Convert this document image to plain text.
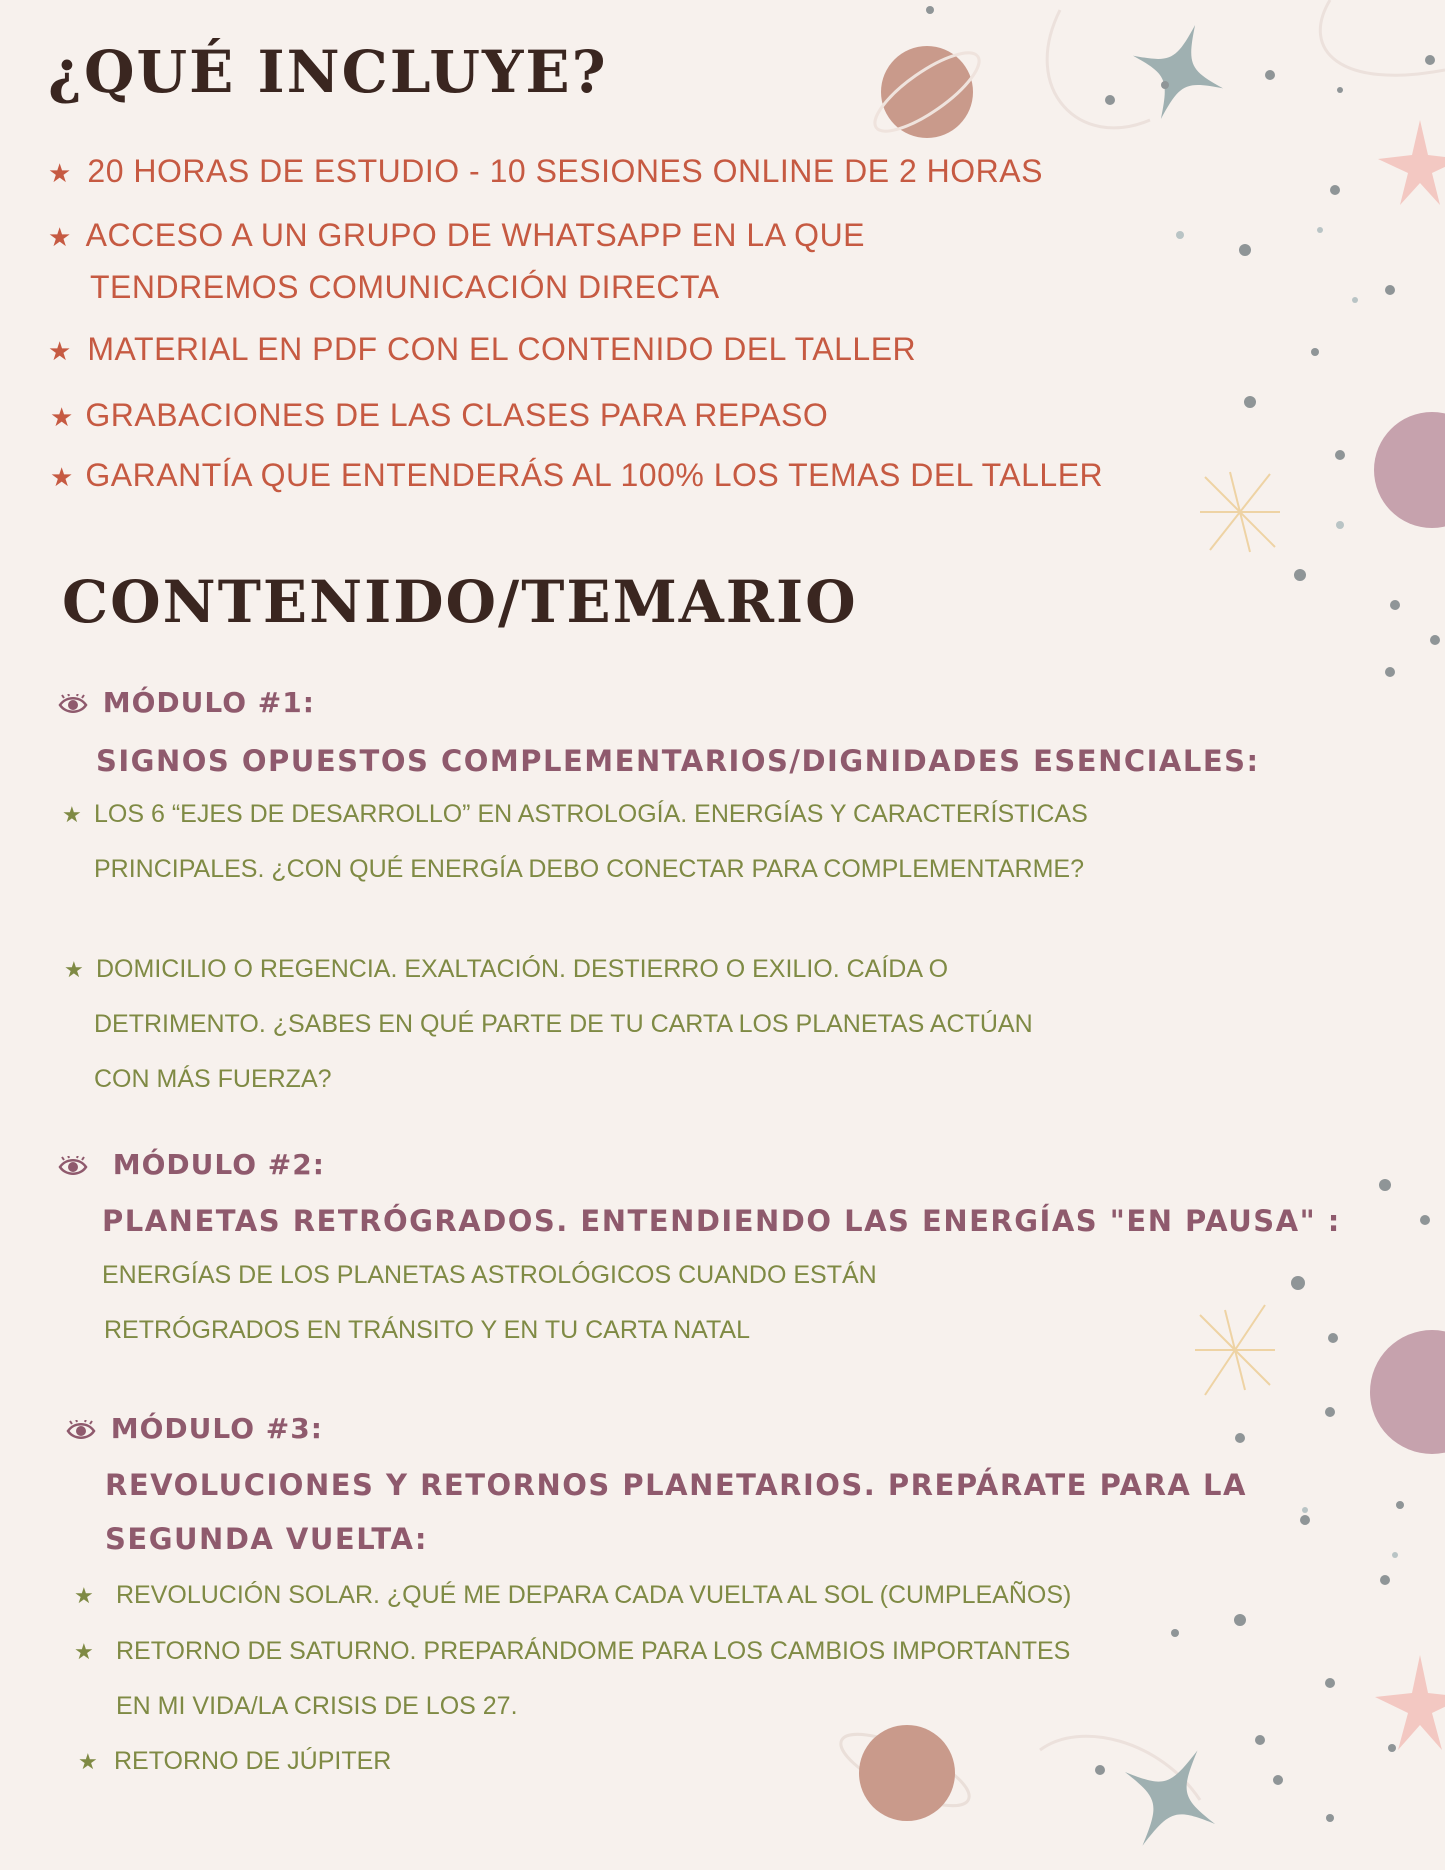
¿QUÉ INCLUYE?
★ 20 HORAS DE ESTUDIO - 10 SESIONES ONLINE DE 2 HORAS
★ ACCESO A UN GRUPO DE WHATSAPP EN LA QUE
TENDREMOS COMUNICACIÓN DIRECTA
★ MATERIAL EN PDF CON EL CONTENIDO DEL TALLER
★ GRABACIONES DE LAS CLASES PARA REPASO
★ GARANTÍA QUE ENTENDERÁS AL 100% LOS TEMAS DEL TALLER
CONTENIDO/TEMARIO
MÓDULO #1:
SIGNOS OPUESTOS COMPLEMENTARIOS/DIGNIDADES ESENCIALES:
★ LOS 6 “EJES DE DESARROLLO” EN ASTROLOGÍA. ENERGÍAS Y CARACTERÍSTICAS
PRINCIPALES. ¿CON QUÉ ENERGÍA DEBO CONECTAR PARA COMPLEMENTARME?
★ DOMICILIO O REGENCIA. EXALTACIÓN. DESTIERRO O EXILIO. CAÍDA O
DETRIMENTO. ¿SABES EN QUÉ PARTE DE TU CARTA LOS PLANETAS ACTÚAN
CON MÁS FUERZA?
MÓDULO #2:
PLANETAS RETRÓGRADOS. ENTENDIENDO LAS ENERGÍAS "EN PAUSA" :
ENERGÍAS DE LOS PLANETAS ASTROLÓGICOS CUANDO ESTÁN
RETRÓGRADOS EN TRÁNSITO Y EN TU CARTA NATAL
MÓDULO #3:
REVOLUCIONES Y RETORNOS PLANETARIOS. PREPÁRATE PARA LA
SEGUNDA VUELTA:
★ REVOLUCIÓN SOLAR. ¿QUÉ ME DEPARA CADA VUELTA AL SOL (CUMPLEAÑOS)
★ RETORNO DE SATURNO. PREPARÁNDOME PARA LOS CAMBIOS IMPORTANTES
EN MI VIDA/LA CRISIS DE LOS 27.
★ RETORNO DE JÚPITER
